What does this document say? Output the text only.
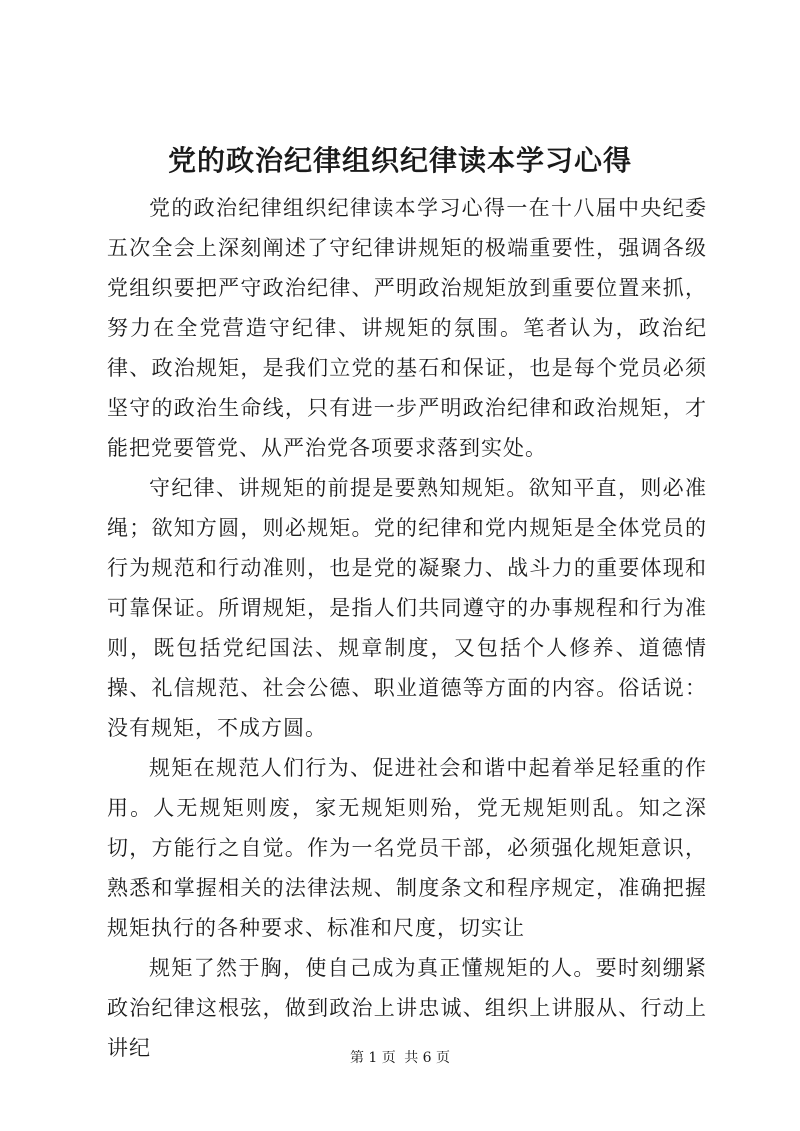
党的政治纪律组织纪律读本学习心得

党的政治纪律组织纪律读本学习心得一在十八届中央纪委五次全会上深刻阐述了守纪律讲规矩的极端重要性，强调各级党组织要把严守政治纪律、严明政治规矩放到重要位置来抓，努力在全党营造守纪律、讲规矩的氛围。笔者认为，政治纪律、政治规矩，是我们立党的基石和保证，也是每个党员必须坚守的政治生命线，只有进一步严明政治纪律和政治规矩，才能把党要管党、从严治党各项要求落到实处。

守纪律、讲规矩的前提是要熟知规矩。欲知平直，则必准绳；欲知方圆，则必规矩。党的纪律和党内规矩是全体党员的行为规范和行动准则，也是党的凝聚力、战斗力的重要体现和可靠保证。所谓规矩，是指人们共同遵守的办事规程和行为准则，既包括党纪国法、规章制度，又包括个人修养、道德情操、礼信规范、社会公德、职业道德等方面的内容。俗话说：没有规矩，不成方圆。

规矩在规范人们行为、促进社会和谐中起着举足轻重的作用。人无规矩则废，家无规矩则殆，党无规矩则乱。知之深切，方能行之自觉。作为一名党员干部，必须强化规矩意识，熟悉和掌握相关的法律法规、制度条文和程序规定，准确把握规矩执行的各种要求、标准和尺度，切实让

规矩了然于胸，使自己成为真正懂规矩的人。要时刻绷紧政治纪律这根弦，做到政治上讲忠诚、组织上讲服从、行动上讲纪	第 1 页 共 6 页
